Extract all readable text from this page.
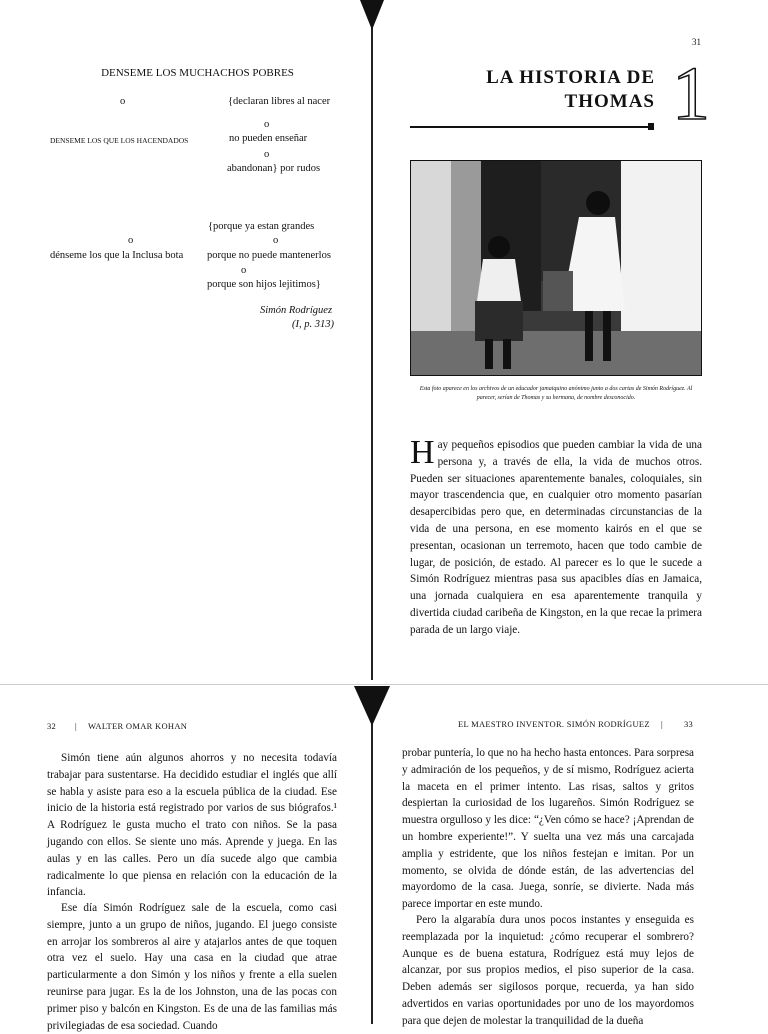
DENSEME LOS MUCHACHOS POBRES
o	{declaran libres al nacer
o
DENSEME LOS QUE LOS HACENDADOS	no pueden enseñar
o
abandonan} por rudos
{porque ya estan grandes
o	o
dénseme los que la Inclusa bota porque no puede mantenerlos
o
porque son hijos lejitimos}
Simón Rodríguez
(I, p. 313)
31
LA HISTORIA DE
THOMAS 1
Esta foto aparece en los archivos de un educador jamaiquino anónimo junto a dos cartas de Simón Rodríguez. Al parecer, serían de Thomas y su hermana, de nombre desconocido.
Hay pequeños episodios que pueden cambiar la vida de una persona y, a través de ella, la vida de muchos otros. Pueden ser situaciones aparentemente banales, coloquiales, sin mayor trascendencia que, en cualquier otro momento pasarían desapercibidas pero que, en determinadas circunstancias de la vida de una persona, en ese momento kairós en el que se presentan, ocasionan un terremoto, hacen que todo cambie de lugar, de posición, de estado. Al parecer es lo que le sucede a Simón Rodríguez mientras pasa sus apacibles días en Jamaica, una jornada cualquiera en esa aparentemente tranquila y divertida ciudad caribeña de Kingston, en la que recae la primera parada de un largo viaje.
32 | WALTER OMAR KOHAN
Simón tiene aún algunos ahorros y no necesita todavía trabajar para sustentarse. Ha decidido estudiar el inglés que allí se habla y asiste para eso a la escuela pública de la ciudad. Ese inicio de la historia está registrado por varios de sus biógrafos.¹ A Rodríguez le gusta mucho el trato con niños. Se la pasa jugando con ellos. Se siente uno más. Aprende y juega. En las aulas y en las calles. Pero un día sucede algo que cambia radicalmente lo que piensa en relación con la educación de la infancia.
Ese día Simón Rodríguez sale de la escuela, como casi siempre, junto a un grupo de niños, jugando. El juego consiste en arrojar los sombreros al aire y atajarlos antes de que toquen otra vez el suelo. Hay una casa en la ciudad que atrae particularmente a don Simón y los niños y frente a ella suelen reunirse para jugar. Es la de los Johnston, una de las pocas con primer piso y balcón en Kingston. Es de una de las familias más privilegiadas de esa sociedad. Cuando
EL MAESTRO INVENTOR. SIMÓN RODRÍGUEZ | 33
probar puntería, lo que no ha hecho hasta entonces. Para sorpresa y admiración de los pequeños, y de sí mismo, Rodríguez acierta la maceta en el primer intento. Las risas, saltos y gritos despiertan la curiosidad de los lugareños. Simón Rodríguez se muestra orgulloso y les dice: “¿Ven cómo se hace? ¡Aprendan de un hombre experiente!”. Y suelta una vez más una carcajada amplia y estridente, que los niños festejan e imitan. Por un momento, se olvida de dónde están, de las advertencias del mayordomo de la casa. Juega, sonríe, se divierte. Nada más parece importar en este mundo.
Pero la algarabía dura unos pocos instantes y enseguida es reemplazada por la inquietud: ¿cómo recuperar el sombrero? Aunque es de buena estatura, Rodríguez está muy lejos de alcanzar, por sus propios medios, el piso superior de la casa. Deben además ser sigilosos porque, recuerda, ya han sido advertidos en varias oportunidades por uno de los mayordomos para que dejen de molestar la tranquilidad de la dueña
